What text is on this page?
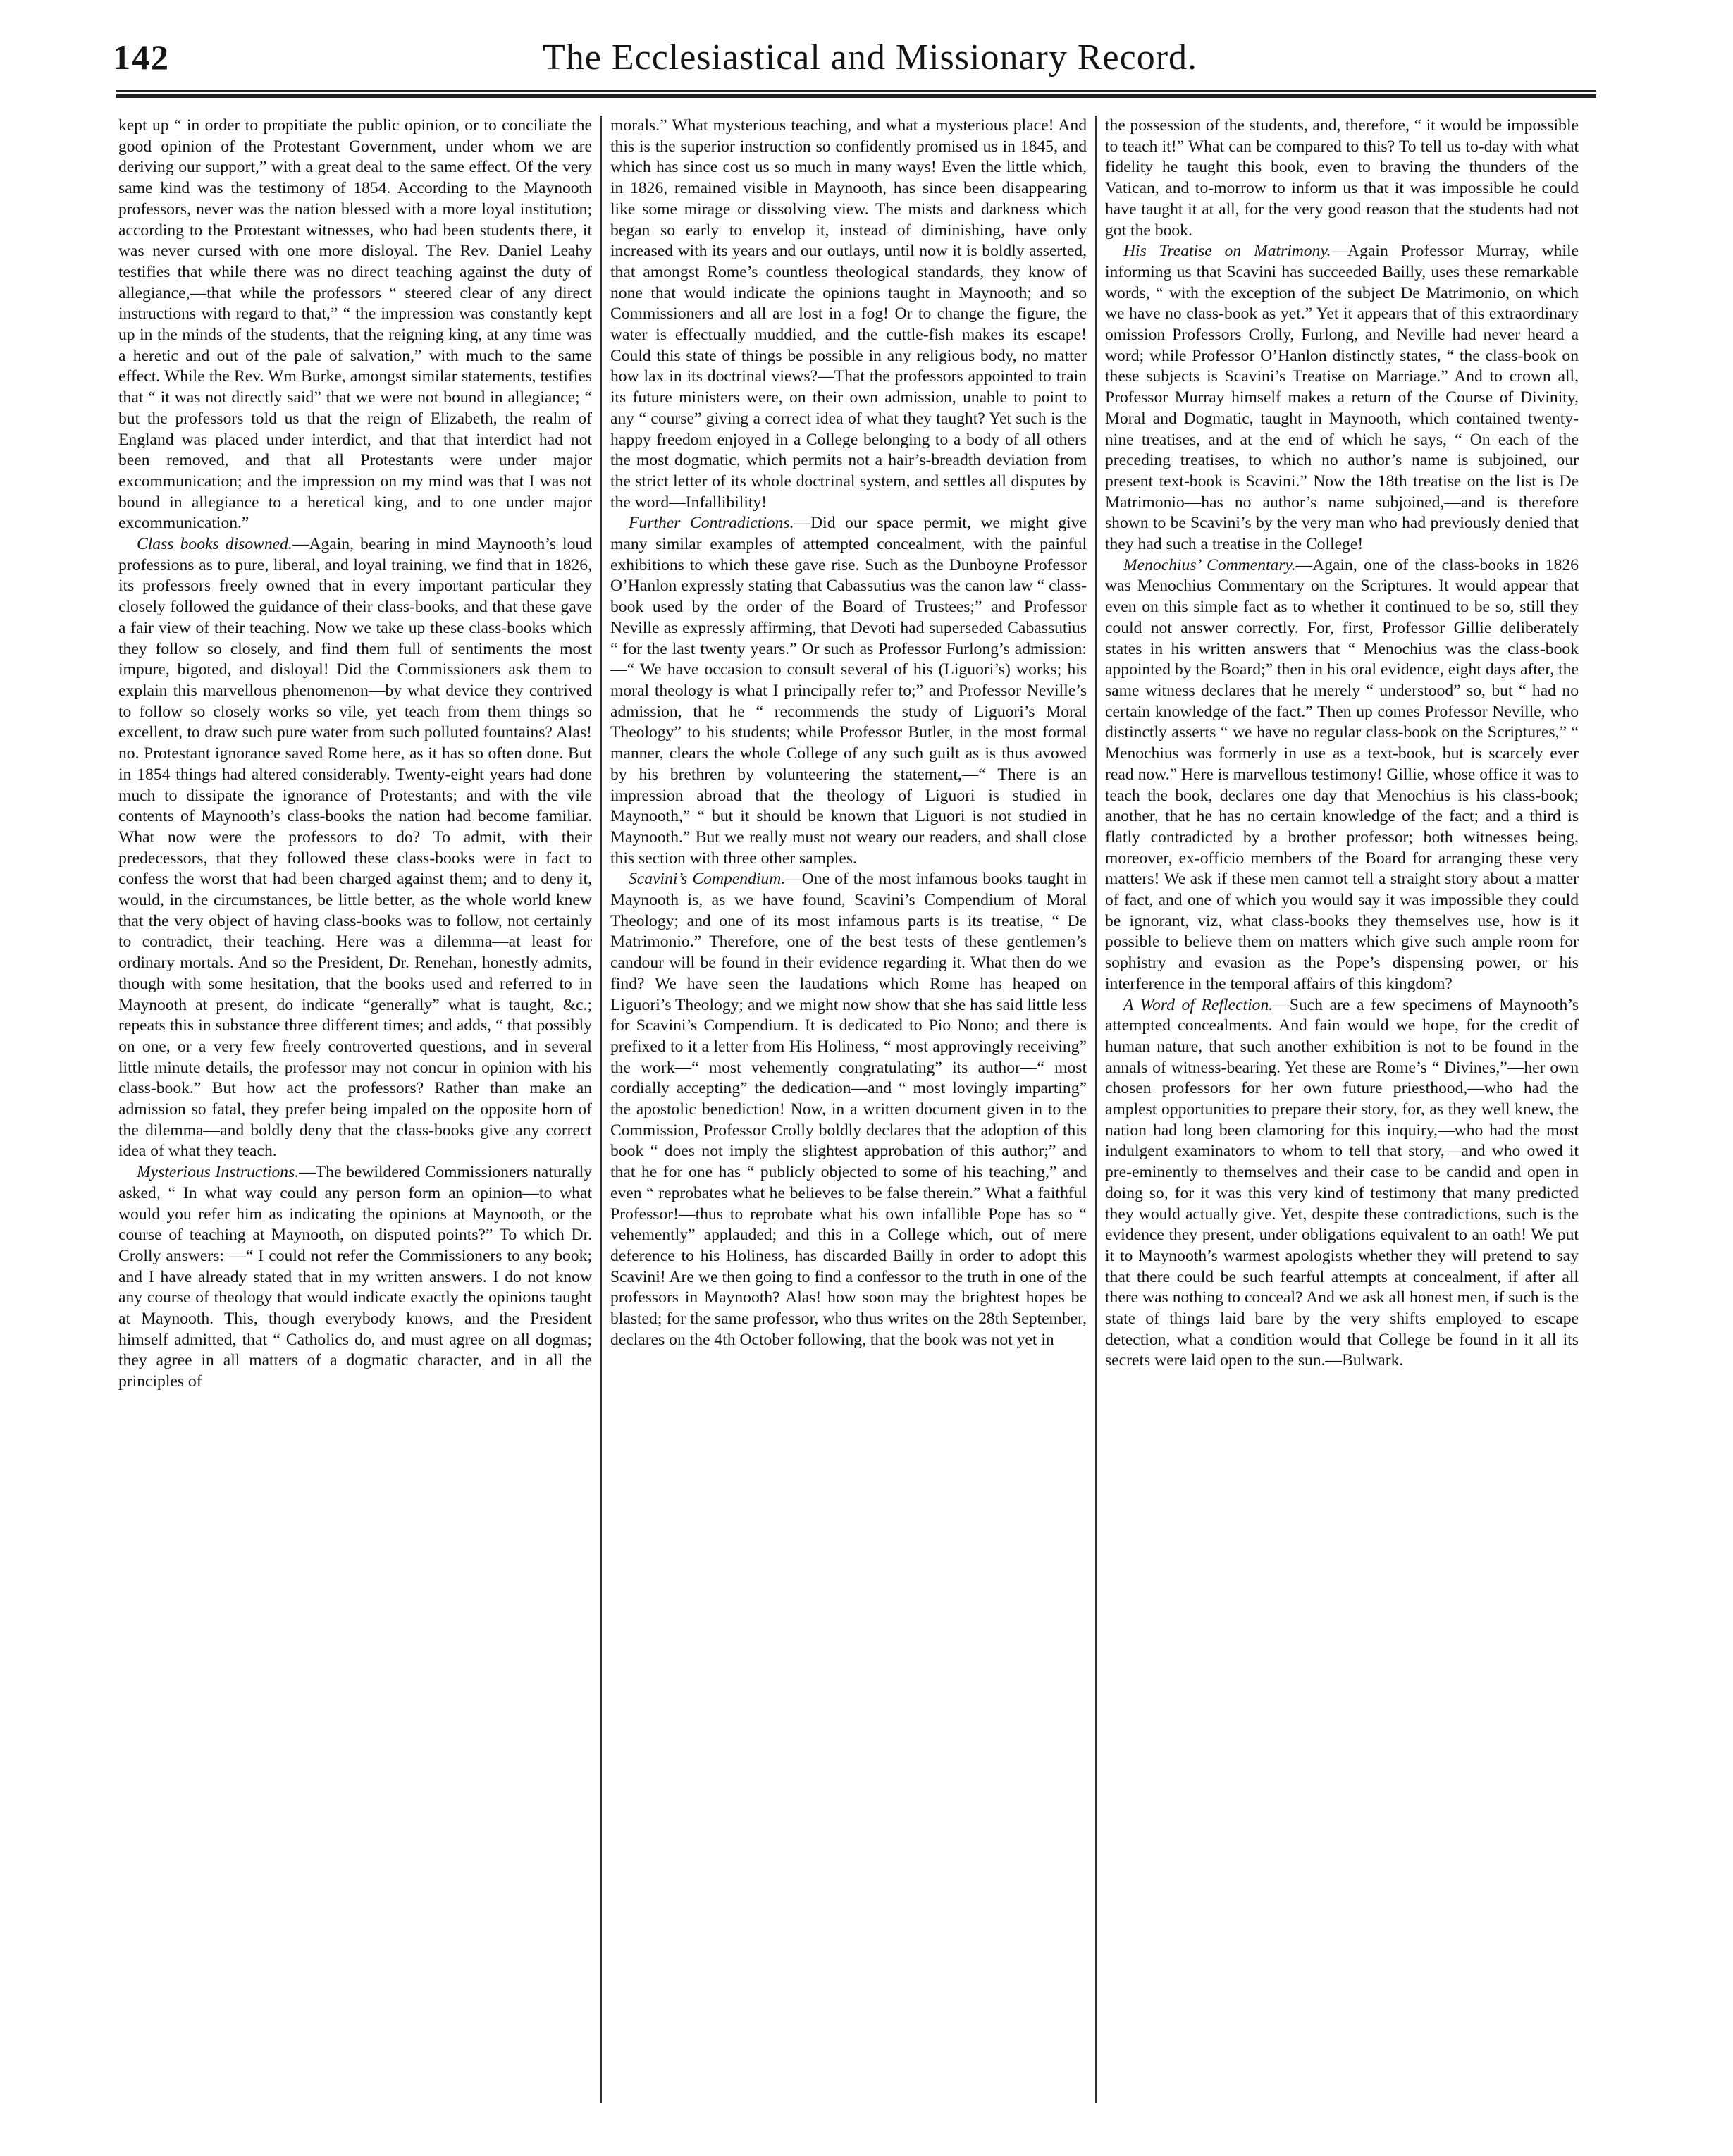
142	The Ecclesiastical and Missionary Record.

kept up “ in order to propitiate the public opinion, or to conciliate the good opinion of the Protestant Government, under whom we are deriving our support,” with a great deal to the same effect. Of the very same kind was the testimony of 1854. According to the Maynooth professors, never was the nation blessed with a more loyal institution; according to the Protestant witnesses, who had been students there, it was never cursed with one more disloyal. The Rev. Daniel Leahy testifies that while there was no direct teaching against the duty of allegiance,—that while the professors “ steered clear of any direct instructions with regard to that,” “ the impression was constantly kept up in the minds of the students, that the reigning king, at any time was a heretic and out of the pale of salvation,” with much to the same effect. While the Rev. Wm Burke, amongst similar statements, testifies that “ it was not directly said” that we were not bound in allegiance; “ but the professors told us that the reign of Elizabeth, the realm of England was placed under interdict, and that that interdict had not been removed, and that all Protestants were under major excommunication; and the impression on my mind was that I was not bound in allegiance to a heretical king, and to one under major excommunication.”

Class books disowned.—Again, bearing in mind Maynooth’s loud professions as to pure, liberal, and loyal training, we find that in 1826, its professors freely owned that in every important particular they closely followed the guidance of their class-books, and that these gave a fair view of their teaching. Now we take up these class-books which they follow so closely, and find them full of sentiments the most impure, bigoted, and disloyal! Did the Commissioners ask them to explain this marvellous phenomenon—by what device they contrived to follow so closely works so vile, yet teach from them things so excellent, to draw such pure water from such polluted fountains? Alas! no. Protestant ignorance saved Rome here, as it has so often done. But in 1854 things had altered considerably. Twenty-eight years had done much to dissipate the ignorance of Protestants; and with the vile contents of Maynooth’s class-books the nation had become familiar. What now were the professors to do? To admit, with their predecessors, that they followed these class-books were in fact to confess the worst that had been charged against them; and to deny it, would, in the circumstances, be little better, as the whole world knew that the very object of having class-books was to follow, not certainly to contradict, their teaching. Here was a dilemma—at least for ordinary mortals. And so the President, Dr. Renehan, honestly admits, though with some hesitation, that the books used and referred to in Maynooth at present, do indicate “generally” what is taught, &c.; repeats this in substance three different times; and adds, “ that possibly on one, or a very few freely controverted questions, and in several little minute details, the professor may not concur in opinion with his class-book.” But how act the professors? Rather than make an admission so fatal, they prefer being impaled on the opposite horn of the dilemma—and boldly deny that the class-books give any correct idea of what they teach.

Mysterious Instructions.—The bewildered Commissioners naturally asked, “ In what way could any person form an opinion—to what would you refer him as indicating the opinions at Maynooth, or the course of teaching at Maynooth, on disputed points?” To which Dr. Crolly answers: —“ I could not refer the Commissioners to any book; and I have already stated that in my written answers. I do not know any course of theology that would indicate exactly the opinions taught at Maynooth. This, though everybody knows, and the President himself admitted, that “ Catholics do, and must agree on all dogmas; they agree in all matters of a dogmatic character, and in all the principles of

morals.” What mysterious teaching, and what a mysterious place! And this is the superior instruction so confidently promised us in 1845, and which has since cost us so much in many ways! Even the little which, in 1826, remained visible in Maynooth, has since been disappearing like some mirage or dissolving view. The mists and darkness which began so early to envelop it, instead of diminishing, have only increased with its years and our outlays, until now it is boldly asserted, that amongst Rome’s countless theological standards, they know of none that would indicate the opinions taught in Maynooth; and so Commissioners and all are lost in a fog! Or to change the figure, the water is effectually muddied, and the cuttle-fish makes its escape! Could this state of things be possible in any religious body, no matter how lax in its doctrinal views?—That the professors appointed to train its future ministers were, on their own admission, unable to point to any “ course” giving a correct idea of what they taught? Yet such is the happy freedom enjoyed in a College belonging to a body of all others the most dogmatic, which permits not a hair’s-breadth deviation from the strict letter of its whole doctrinal system, and settles all disputes by the word—Infallibility!

Further Contradictions.—Did our space permit, we might give many similar examples of attempted concealment, with the painful exhibitions to which these gave rise. Such as the Dunboyne Professor O’Hanlon expressly stating that Cabassutius was the canon law “ class-book used by the order of the Board of Trustees;” and Professor Neville as expressly affirming, that Devoti had superseded Cabassutius “ for the last twenty years.” Or such as Professor Furlong’s admission:—“ We have occasion to consult several of his (Liguori’s) works; his moral theology is what I principally refer to;” and Professor Neville’s admission, that he “ recommends the study of Liguori’s Moral Theology” to his students; while Professor Butler, in the most formal manner, clears the whole College of any such guilt as is thus avowed by his brethren by volunteering the statement,—“ There is an impression abroad that the theology of Liguori is studied in Maynooth,” “ but it should be known that Liguori is not studied in Maynooth.” But we really must not weary our readers, and shall close this section with three other samples.

Scavini’s Compendium.—One of the most infamous books taught in Maynooth is, as we have found, Scavini’s Compendium of Moral Theology; and one of its most infamous parts is its treatise, “ De Matrimonio.” Therefore, one of the best tests of these gentlemen’s candour will be found in their evidence regarding it. What then do we find? We have seen the laudations which Rome has heaped on Liguori’s Theology; and we might now show that she has said little less for Scavini’s Compendium. It is dedicated to Pio Nono; and there is prefixed to it a letter from His Holiness, “ most approvingly receiving” the work—“ most vehemently congratulating” its author—“ most cordially accepting” the dedication—and “ most lovingly imparting” the apostolic benediction! Now, in a written document given in to the Commission, Professor Crolly boldly declares that the adoption of this book “ does not imply the slightest approbation of this author;” and that he for one has “ publicly objected to some of his teaching,” and even “ reprobates what he believes to be false therein.” What a faithful Professor!—thus to reprobate what his own infallible Pope has so “ vehemently” applauded; and this in a College which, out of mere deference to his Holiness, has discarded Bailly in order to adopt this Scavini! Are we then going to find a confessor to the truth in one of the professors in Maynooth? Alas! how soon may the brightest hopes be blasted; for the same professor, who thus writes on the 28th September, declares on the 4th October following, that the book was not yet in

the possession of the students, and, therefore, “ it would be impossible to teach it!” What can be compared to this? To tell us to-day with what fidelity he taught this book, even to braving the thunders of the Vatican, and to-morrow to inform us that it was impossible he could have taught it at all, for the very good reason that the students had not got the book.

His Treatise on Matrimony.—Again Professor Murray, while informing us that Scavini has succeeded Bailly, uses these remarkable words, “ with the exception of the subject De Matrimonio, on which we have no class-book as yet.” Yet it appears that of this extraordinary omission Professors Crolly, Furlong, and Neville had never heard a word; while Professor O’Hanlon distinctly states, “ the class-book on these subjects is Scavini’s Treatise on Marriage.” And to crown all, Professor Murray himself makes a return of the Course of Divinity, Moral and Dogmatic, taught in Maynooth, which contained twenty-nine treatises, and at the end of which he says, “ On each of the preceding treatises, to which no author’s name is subjoined, our present text-book is Scavini.” Now the 18th treatise on the list is De Matrimonio—has no author’s name subjoined,—and is therefore shown to be Scavini’s by the very man who had previously denied that they had such a treatise in the College!

Menochius’ Commentary.—Again, one of the class-books in 1826 was Menochius Commentary on the Scriptures. It would appear that even on this simple fact as to whether it continued to be so, still they could not answer correctly. For, first, Professor Gillie deliberately states in his written answers that “ Menochius was the class-book appointed by the Board;” then in his oral evidence, eight days after, the same witness declares that he merely “ understood” so, but “ had no certain knowledge of the fact.” Then up comes Professor Neville, who distinctly asserts “ we have no regular class-book on the Scriptures,” “ Menochius was formerly in use as a text-book, but is scarcely ever read now.” Here is marvellous testimony! Gillie, whose office it was to teach the book, declares one day that Menochius is his class-book; another, that he has no certain knowledge of the fact; and a third is flatly contradicted by a brother professor; both witnesses being, moreover, ex-officio members of the Board for arranging these very matters! We ask if these men cannot tell a straight story about a matter of fact, and one of which you would say it was impossible they could be ignorant, viz, what class-books they themselves use, how is it possible to believe them on matters which give such ample room for sophistry and evasion as the Pope’s dispensing power, or his interference in the temporal affairs of this kingdom?

A Word of Reflection.—Such are a few specimens of Maynooth’s attempted concealments. And fain would we hope, for the credit of human nature, that such another exhibition is not to be found in the annals of witness-bearing. Yet these are Rome’s “ Divines,”—her own chosen professors for her own future priesthood,—who had the amplest opportunities to prepare their story, for, as they well knew, the nation had long been clamoring for this inquiry,—who had the most indulgent examinators to whom to tell that story,—and who owed it pre-eminently to themselves and their case to be candid and open in doing so, for it was this very kind of testimony that many predicted they would actually give. Yet, despite these contradictions, such is the evidence they present, under obligations equivalent to an oath! We put it to Maynooth’s warmest apologists whether they will pretend to say that there could be such fearful attempts at concealment, if after all there was nothing to conceal? And we ask all honest men, if such is the state of things laid bare by the very shifts employed to escape detection, what a condition would that College be found in it all its secrets were laid open to the sun.—Bulwark.
